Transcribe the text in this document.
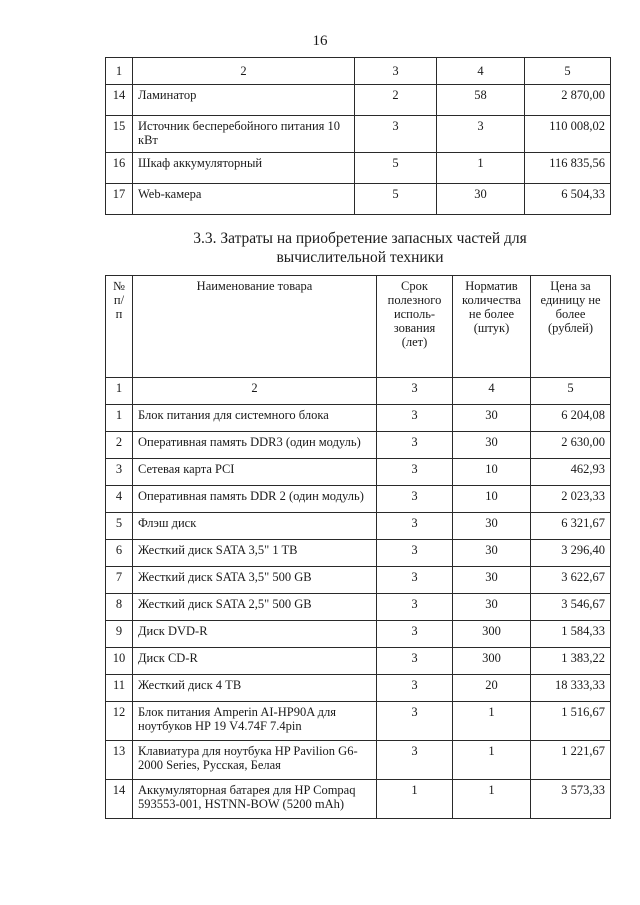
16
1	2	3	4	5
14	Ламинатор	2	58	2 870,00
15	Источник бесперебойного питания 10 кВт	3	3	110 008,02
16	Шкаф аккумуляторный	5	1	116 835,56
17	Web-камера	5	30	6 504,33
3.3. Затраты на приобретение запасных частей для вычислительной техники
№ п/п	Наименование товара	Срок полезного исполь-зования (лет)	Норматив количества не более (штук)	Цена за единицу не более (рублей)
1	2	3	4	5
1	Блок питания для системного блока	3	30	6 204,08
2	Оперативная память DDR3 (один модуль)	3	30	2 630,00
3	Сетевая карта PCI	3	10	462,93
4	Оперативная память DDR 2 (один модуль)	3	10	2 023,33
5	Флэш диск	3	30	6 321,67
6	Жесткий диск SATA 3,5" 1 TB	3	30	3 296,40
7	Жесткий диск SATA 3,5" 500 GB	3	30	3 622,67
8	Жесткий диск SATA 2,5" 500 GB	3	30	3 546,67
9	Диск DVD-R	3	300	1 584,33
10	Диск CD-R	3	300	1 383,22
11	Жесткий диск 4 TB	3	20	18 333,33
12	Блок питания Amperin AI-HP90A для ноутбуков HP 19 V4.74F 7.4pin	3	1	1 516,67
13	Клавиатура для ноутбука HP Pavilion G6-2000 Series, Русская, Белая	3	1	1 221,67
14	Аккумуляторная батарея для HP Compaq 593553-001, HSTNN-BOW (5200 mAh)	1	1	3 573,33
